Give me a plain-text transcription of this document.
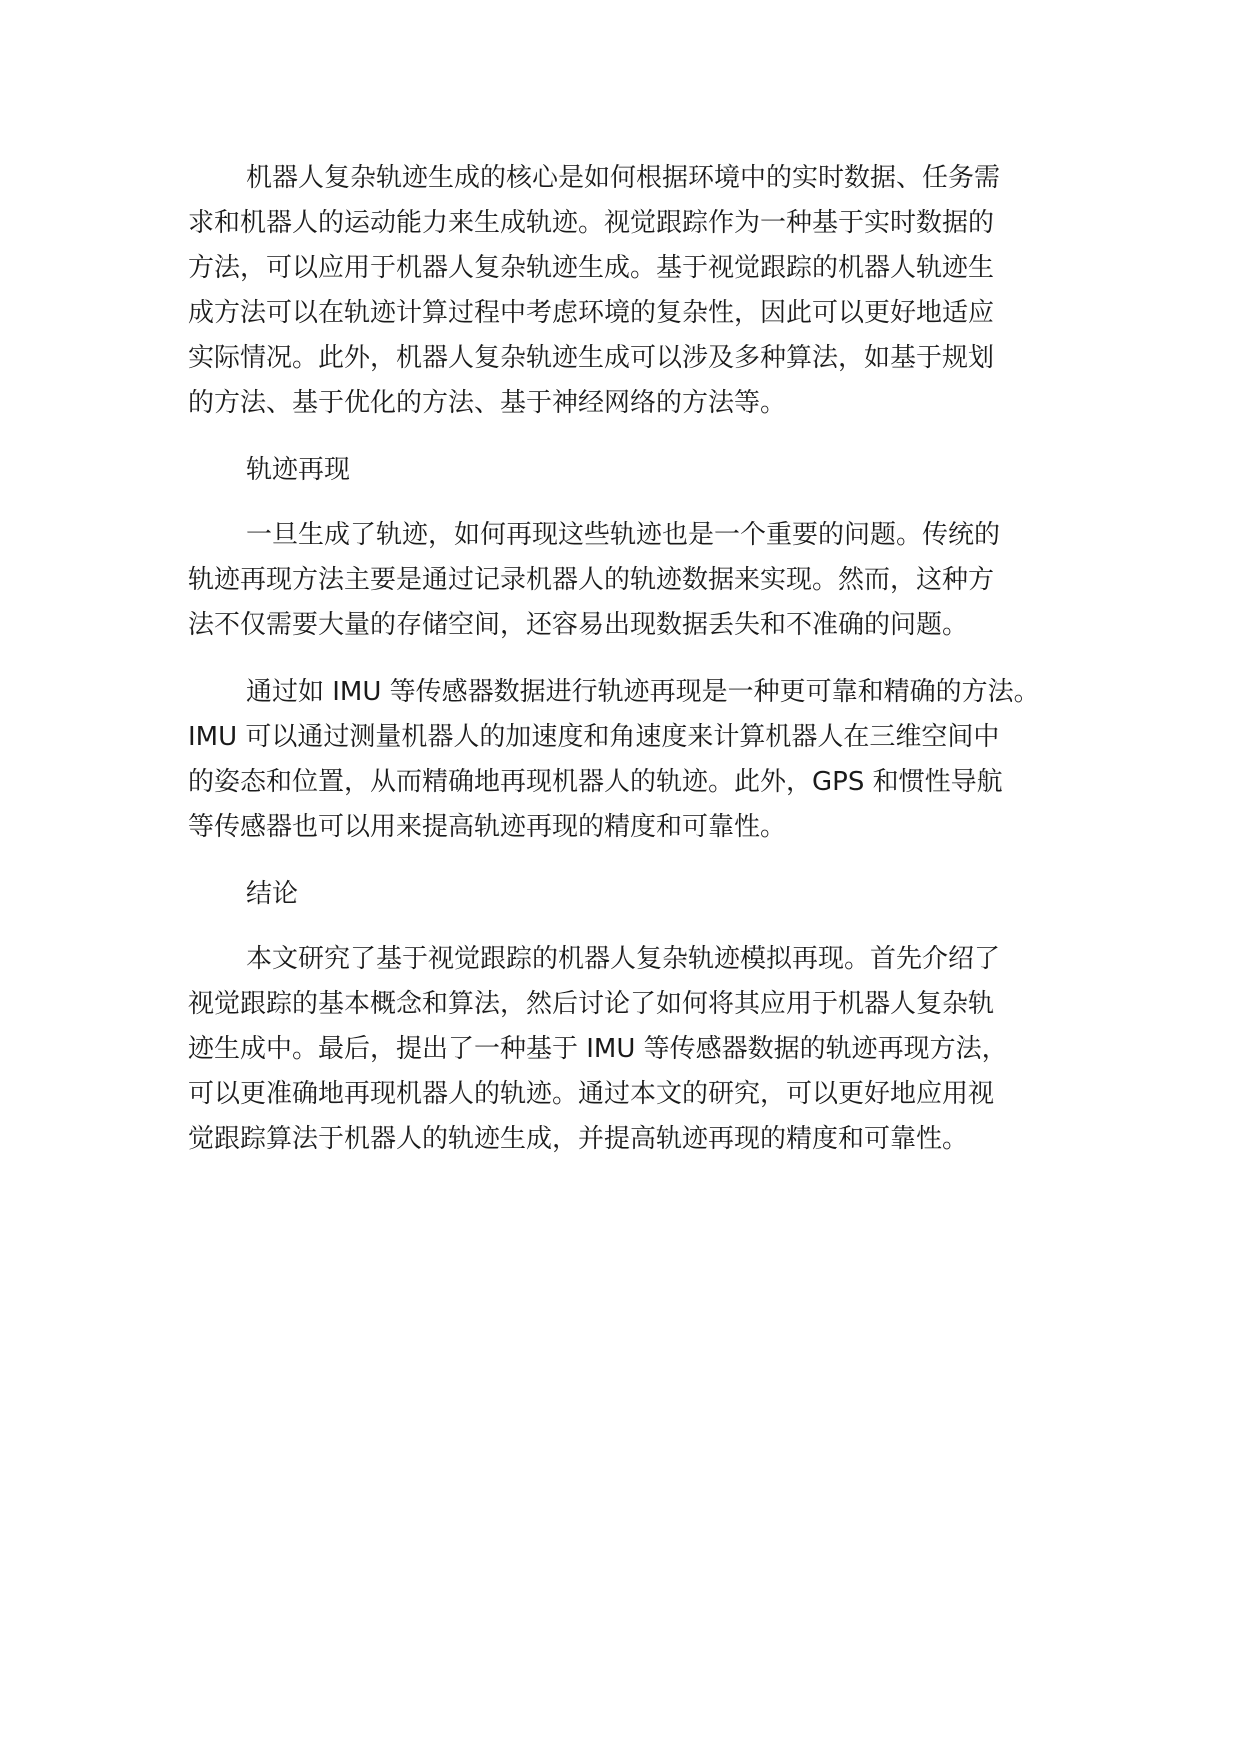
机器人复杂轨迹生成的核心是如何根据环境中的实时数据、任务需
求和机器人的运动能力来生成轨迹。视觉跟踪作为一种基于实时数据的
方法，可以应用于机器人复杂轨迹生成。基于视觉跟踪的机器人轨迹生
成方法可以在轨迹计算过程中考虑环境的复杂性，因此可以更好地适应
实际情况。此外，机器人复杂轨迹生成可以涉及多种算法，如基于规划
的方法、基于优化的方法、基于神经网络的方法等。

轨迹再现

一旦生成了轨迹，如何再现这些轨迹也是一个重要的问题。传统的
轨迹再现方法主要是通过记录机器人的轨迹数据来实现。然而，这种方
法不仅需要大量的存储空间，还容易出现数据丢失和不准确的问题。

通过如 IMU 等传感器数据进行轨迹再现是一种更可靠和精确的方法。
IMU 可以通过测量机器人的加速度和角速度来计算机器人在三维空间中
的姿态和位置，从而精确地再现机器人的轨迹。此外，GPS 和惯性导航
等传感器也可以用来提高轨迹再现的精度和可靠性。

结论

本文研究了基于视觉跟踪的机器人复杂轨迹模拟再现。首先介绍了
视觉跟踪的基本概念和算法，然后讨论了如何将其应用于机器人复杂轨
迹生成中。最后，提出了一种基于 IMU 等传感器数据的轨迹再现方法，
可以更准确地再现机器人的轨迹。通过本文的研究，可以更好地应用视
觉跟踪算法于机器人的轨迹生成，并提高轨迹再现的精度和可靠性。
